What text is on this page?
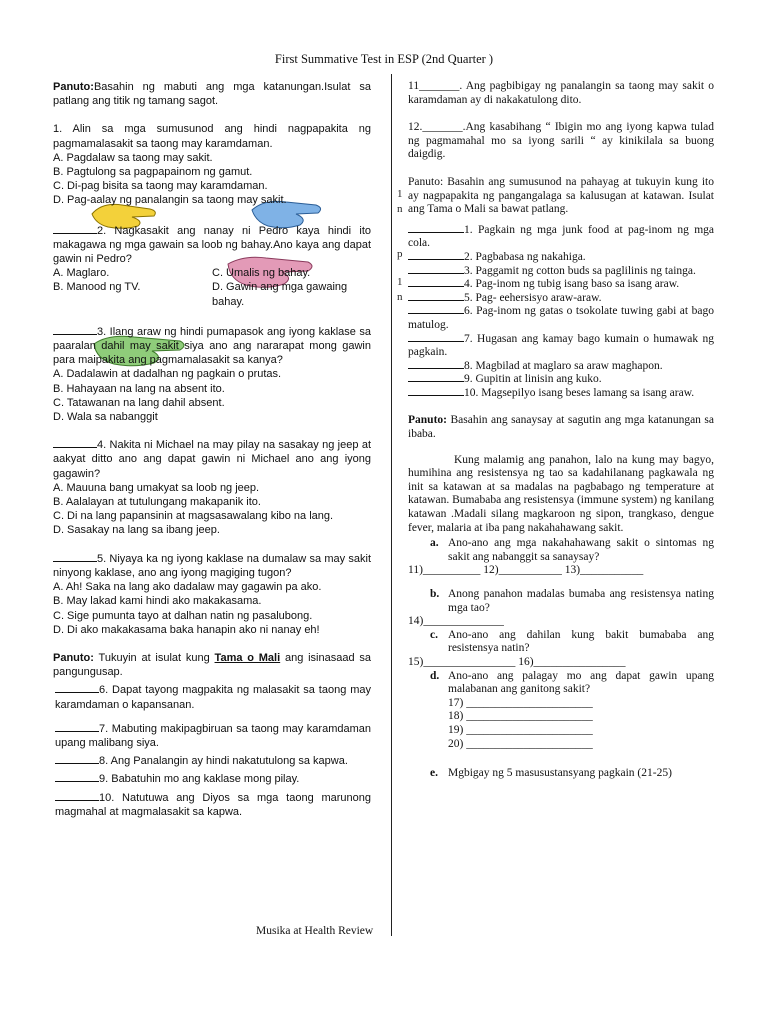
First Summative Test in ESP (2nd Quarter )
1
n
p
1
n

Panuto:Basahin ng mabuti ang mga katanungan.Isulat sa patlang ang titik ng tamang sagot.

1. Alin sa mga sumusunod ang hindi nagpapakita ng pagmamalasakit sa taong may karamdaman.

A. Pagdalaw sa taong may sakit.

B. Pagtulong sa pagpapainom ng gamut.

C. Di-pag bisita sa taong may karamdaman.

D. Pag-aalay ng panalangin sa taong may sakit.

2. Nagkasakit ang nanay ni Pedro kaya hindi ito makagawa ng mga gawain sa loob ng bahay.Ano kaya ang dapat gawin ni Pedro?

A. Maglaro.	C. Umalis ng bahay.
B. Manood ng TV.	D. Gawin ang mga gawaing bahay.

3. Ilang araw ng hindi pumapasok ang iyong kaklase sa paaralan dahil may sakit siya ano ang nararapat mong gawin para maipakita ang pagmamalasakit sa kanya?

A. Dadalawin at dadalhan ng pagkain o prutas.

B. Hahayaan na lang na absent ito.

C. Tatawanan na lang dahil absent.

D. Wala sa nabanggit

4. Nakita ni Michael na may pilay na sasakay ng jeep at aakyat ditto ano ang dapat gawin ni Michael ano ang iyong gagawin?

A. Mauuna bang umakyat sa loob ng jeep.

B. Aalalayan at tutulungang makapanik ito.

C. Di na lang papansinin at magsasawalang kibo na lang.

D. Sasakay na lang sa ibang jeep.

5. Niyaya ka ng iyong kaklase na dumalaw sa may sakit ninyong kaklase, ano ang iyong magiging tugon?

A. Ah! Saka na lang ako dadalaw may gagawin pa ako.

B. May lakad kami hindi ako makakasama.

C. Sige pumunta tayo at dalhan natin ng pasalubong.

D. Di ako makakasama baka hanapin ako ni nanay eh!

Panuto: Tukuyin at isulat kung Tama o Mali ang isinasaad sa pangungusap.

6. Dapat tayong magpakita ng malasakit sa taong may karamdaman o kapansanan.

7. Mabuting makipagbiruan sa taong may karamdaman upang malibang siya.

8. Ang Panalangin ay hindi nakatutulong sa kapwa.

9. Babatuhin mo ang kaklase mong pilay.

10. Natutuwa ang Diyos sa mga taong marunong magmahal at magmalasakit sa kapwa.

11_______. Ang pagbibigay ng panalangin sa taong may sakit o karamdaman ay di nakakatulong dito.

12._______.Ang kasabihang “ Ibigin mo ang iyong kapwa tulad ng pagmamahal mo sa iyong sarili “ ay kinikilala sa buong daigdig.

Panuto: Basahin ang sumusunod na pahayag at tukuyin kung ito ay nagpapakita ng pangangalaga sa kalusugan at katawan. Isulat ang Tama o Mali sa bawat patlang.

1. Pagkain ng mga junk food at pag-inom ng mga cola.

2. Pagbabasa ng nakahiga.

3. Paggamit ng cotton buds sa paglilinis ng tainga.

4. Pag-inom ng tubig isang baso sa isang araw.

5. Pag- eehersisyo araw-araw.

6. Pag-inom ng gatas o tsokolate tuwing gabi at bago matulog.

7. Hugasan ang kamay bago kumain o humawak ng pagkain.

8. Magbilad at maglaro sa araw maghapon.

9. Gupitin at linisin ang kuko.

10. Magsepilyo isang beses lamang sa isang araw.

Panuto: Basahin ang sanaysay at sagutin ang mga katanungan sa ibaba.

Kung malamig ang panahon, lalo na kung may bagyo, humihina ang resistensya ng tao sa kadahilanang pagkawala ng init sa katawan at sa madalas na pagbabago ng temperature at katawan. Bumababa ang resistensya (immune system) ng kanilang katawan .Madali silang magkaroon ng sipon, trangkaso, dengue fever, malaria at iba pang nakahahawang sakit.

a. Ano-ano ang mga nakahahawang sakit o sintomas ng sakit ang nabanggit sa sanaysay?

11)__________ 12)___________ 13)___________

b. Anong panahon madalas bumaba ang resistensya nating mga tao?

14)______________

c. Ano-ano ang dahilan kung bakit bumababa ang resistensya natin?

15)________________ 16)________________

d. Ano-ano ang palagay mo ang dapat gawin upang malabanan ang ganitong sakit?

17) ______________________

18) ______________________

19) ______________________

20) ______________________

e. Mgbigay ng 5 masusustansyang pagkain (21-25)
Musika at Health Review
